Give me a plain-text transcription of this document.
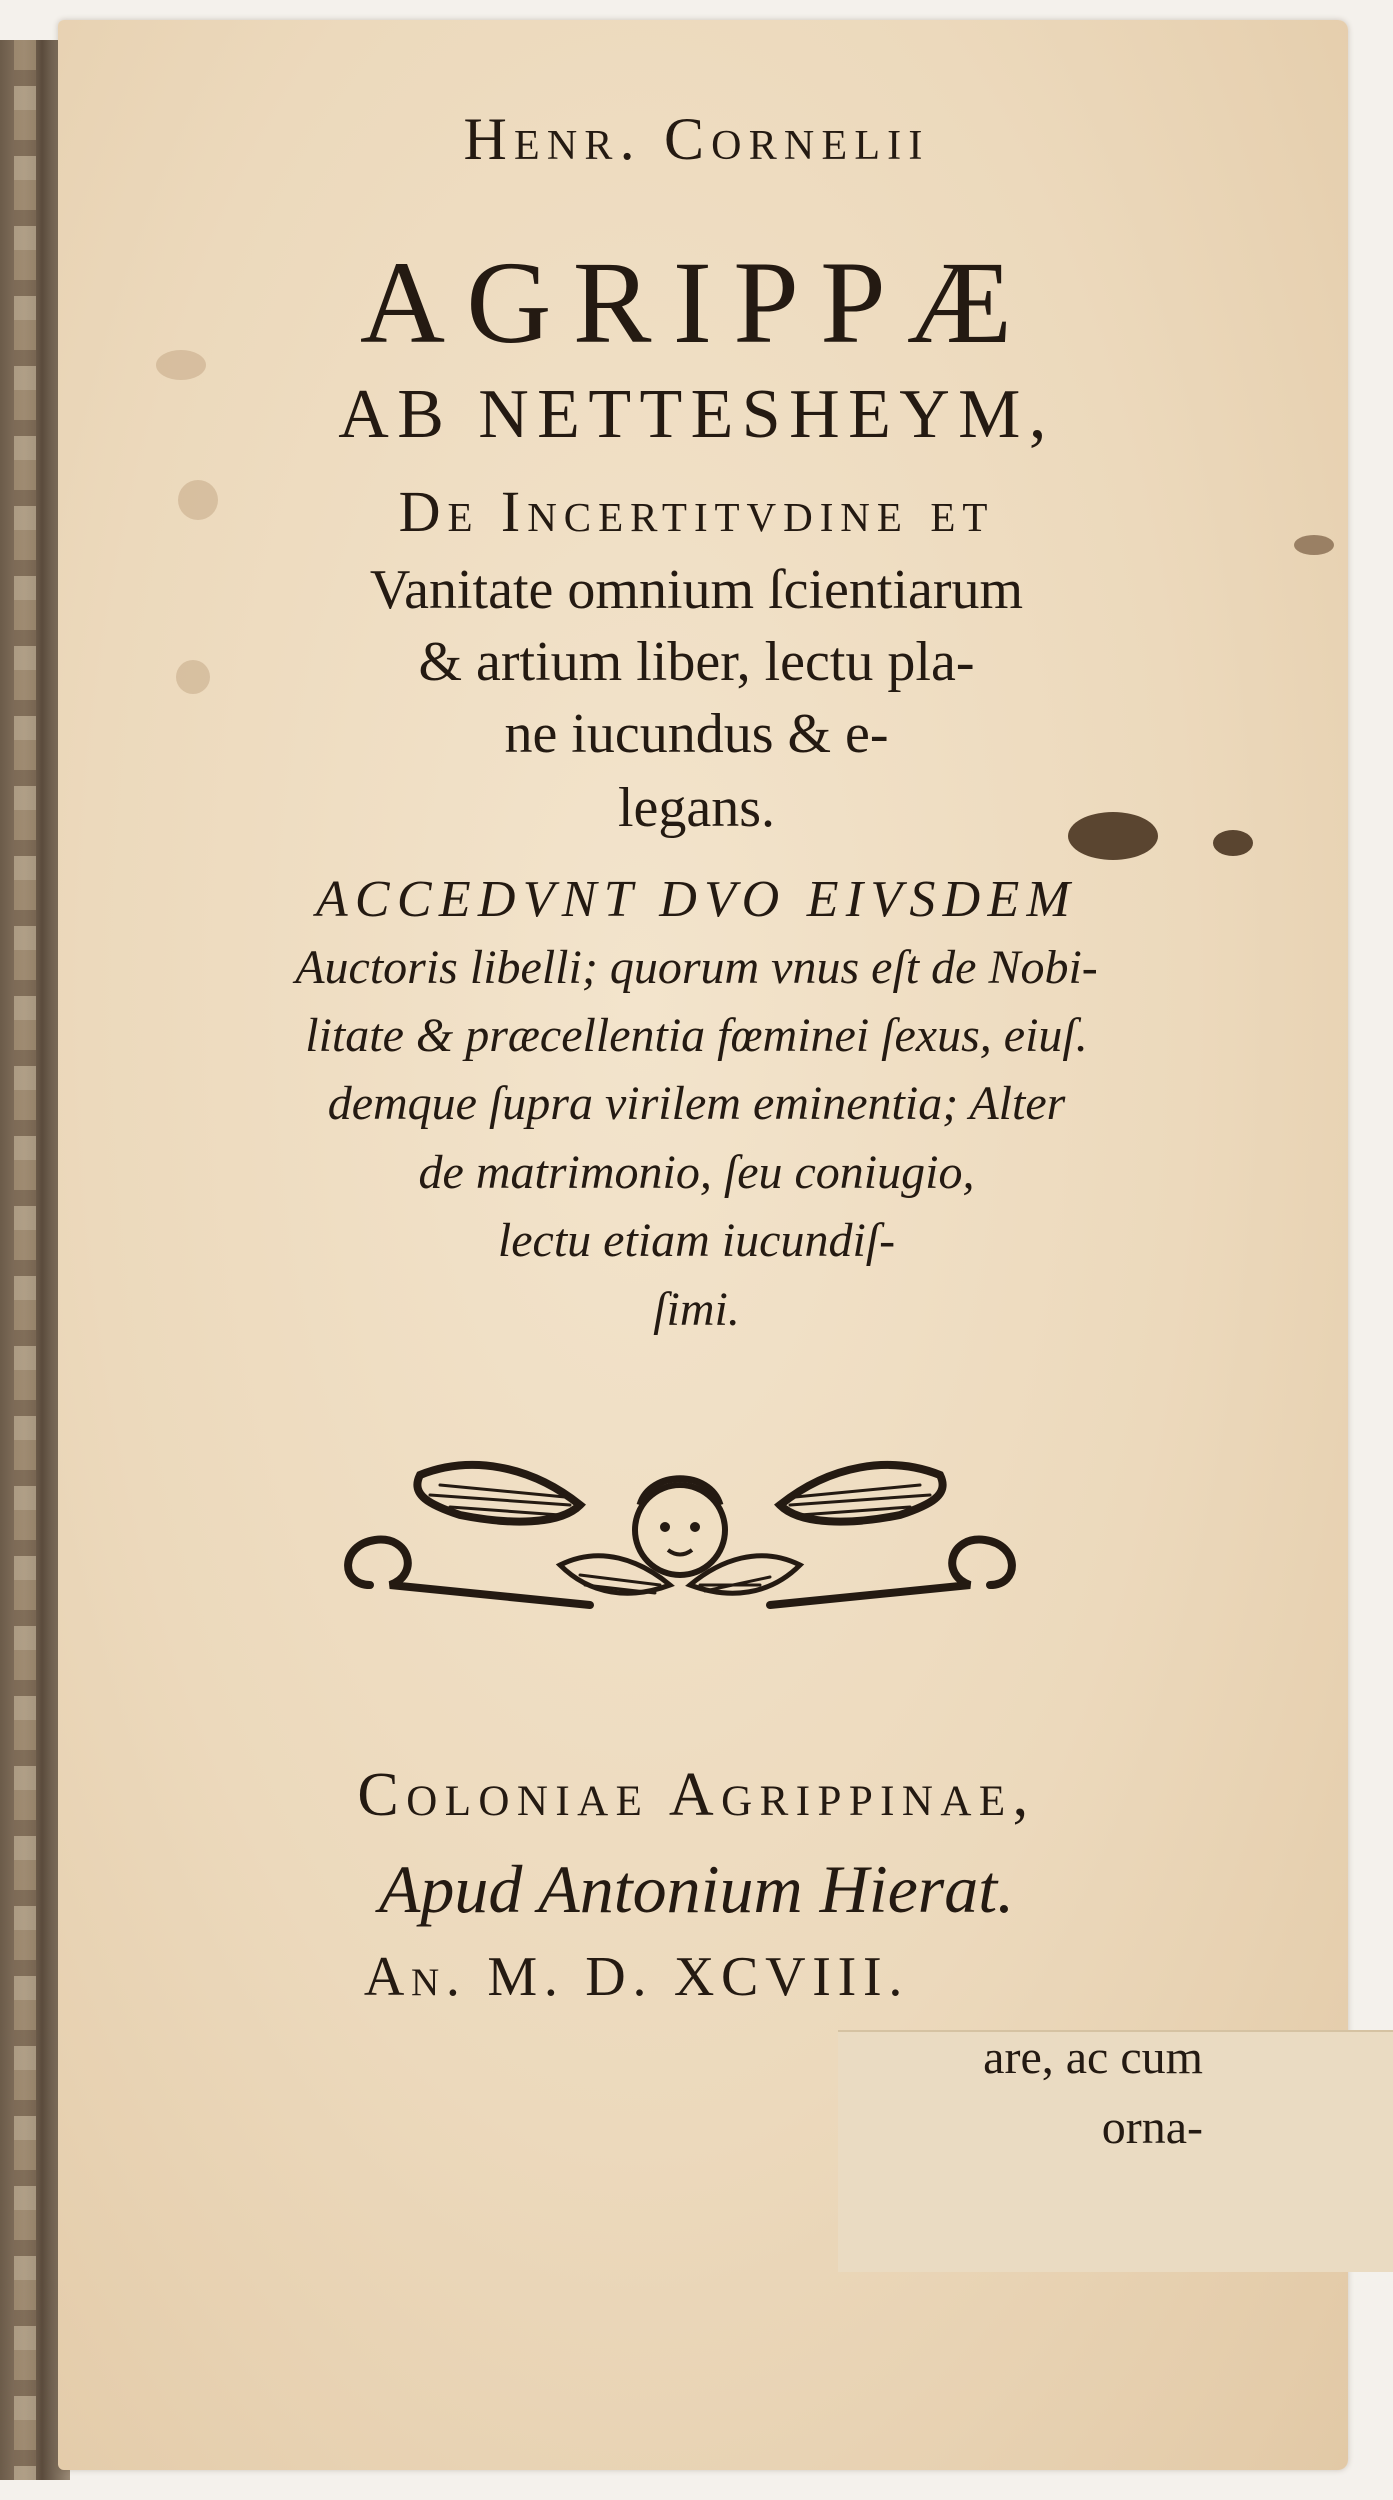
Henr. Cornelii
AGRIPPÆ
AB NETTESHEYM,
De Incertitvdine et
Vanitate omnium ſcientiarum
& artium liber, lectu pla-
ne iucundus & e-
legans.
ACCEDVNT DVO EIVSDEM
Auctoris libelli; quorum vnus eſt de Nobi-
litate & præcellentia fœminei ſexus, eiuſ.
demque ſupra virilem eminentia; Alter
de matrimonio, ſeu coniugio,
lectu etiam iucundiſ-
ſimi.
Coloniae Agrippinae,
Apud Antonium Hierat.
An. M. D. XCVIII.
are, ac cum
orna-
